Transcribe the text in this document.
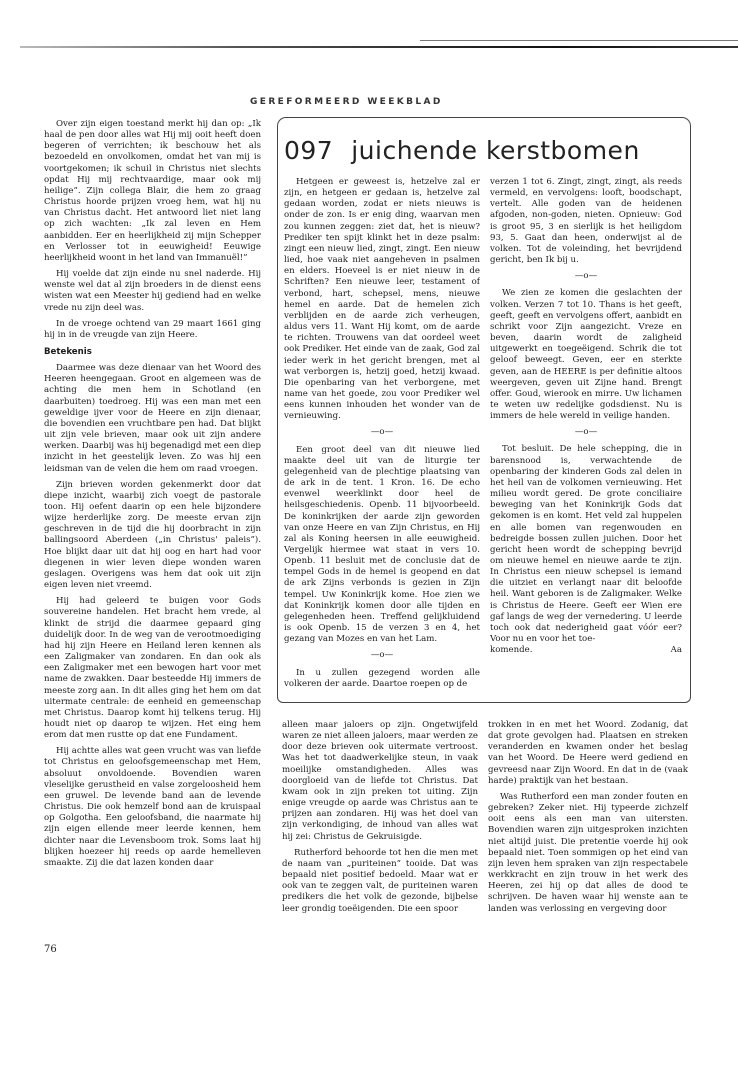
GEREFORMEERD WEEKBLAD

Over zijn eigen toestand merkt hij dan op: „Ik haal de pen door alles wat Hij mij ooit heeft doen begeren of verrichten; ik beschouw het als bezoedeld en onvolkomen, omdat het van mij is voortgekomen; ik schuil in Christus niet slechts opdat Hij mij rechtvaardige, maar ook mij heilige”. Zijn collega Blair, die hem zo graag Christus hoorde prijzen vroeg hem, wat hij nu van Christus dacht. Het antwoord liet niet lang op zich wachten: „Ik zal leven en Hem aanbidden. Eer en heerlijkheid zij mijn Schepper en Verlosser tot in eeuwigheid! Eeuwige heerlijkheid woont in het land van Immanuël!”

Hij voelde dat zijn einde nu snel naderde. Hij wenste wel dat al zijn broeders in de dienst eens wisten wat een Meester hij gediend had en welke vrede nu zijn deel was.

In de vroege ochtend van 29 maart 1661 ging hij in in de vreugde van zijn Heere.

Betekenis

Daarmee was deze dienaar van het Woord des Heeren heengegaan. Groot en algemeen was de achting die men hem in Schotland (en daarbuiten) toedroeg. Hij was een man met een geweldige ijver voor de Heere en zijn dienaar, die bovendien een vruchtbare pen had. Dat blijkt uit zijn vele brieven, maar ook uit zijn andere werken. Daarbij was hij begenadigd met een diep inzicht in het geestelijk leven. Zo was hij een leidsman van de velen die hem om raad vroegen.

Zijn brieven worden gekenmerkt door dat diepe inzicht, waarbij zich voegt de pastorale toon. Hij oefent daarin op een hele bijzondere wijze herderlijke zorg. De meeste ervan zijn geschreven in de tijd die hij doorbracht in zijn ballingsoord Aberdeen („in Christus' paleis”). Hoe blijkt daar uit dat hij oog en hart had voor diegenen in wier leven diepe wonden waren geslagen. Overigens was hem dat ook uit zijn eigen leven niet vreemd.

Hij had geleerd te buigen voor Gods souvereine handelen. Het bracht hem vrede, al klinkt de strijd die daarmee gepaard ging duidelijk door. In de weg van de verootmoediging had hij zijn Heere en Heiland leren kennen als een Zaligmaker van zondaren. En dan ook als een Zaligmaker met een bewogen hart voor met name de zwakken. Daar besteedde Hij immers de meeste zorg aan. In dit alles ging het hem om dat uitermate centrale: de eenheid en gemeenschap met Christus. Daarop komt hij telkens terug. Hij houdt niet op daarop te wijzen. Het eing hem erom dat men rustte op dat ene Fundament.

Hij achtte alles wat geen vrucht was van liefde tot Christus en geloofsgemeenschap met Hem, absoluut onvoldoende. Bovendien waren vleselijke gerustheid en valse zorgeloosheid hem een gruwel. De levende band aan de levende Christus. Die ook hemzelf bond aan de kruispaal op Golgotha. Een geloofsband, die naarmate hij zijn eigen ellende meer leerde kennen, hem dichter naar die Levensboom trok. Soms laat hij blijken hoezeer hij reeds op aarde hemelleven smaakte. Zij die dat lazen konden daar

097 juichende kerstbomen

Hetgeen er geweest is, hetzelve zal er zijn, en hetgeen er gedaan is, hetzelve zal gedaan worden, zodat er niets nieuws is onder de zon. Is er enig ding, waarvan men zou kunnen zeggen: ziet dat, het is nieuw? Prediker ten spijt klinkt het in deze psalm: zingt een nieuw lied, zingt, zingt. Een nieuw lied, hoe vaak niet aangeheven in psalmen en elders. Hoeveel is er niet nieuw in de Schriften? Een nieuwe leer, testament of verbond, hart, schepsel, mens, nieuwe hemel en aarde. Dat de hemelen zich verblijden en de aarde zich verheugen, aldus vers 11. Want Hij komt, om de aarde te richten. Trouwens van dat oordeel weet ook Prediker. Het einde van de zaak, God zal ieder werk in het gericht brengen, met al wat verborgen is, hetzij goed, hetzij kwaad. Die openbaring van het verborgene, met name van het goede, zou voor Prediker wel eens kunnen inhouden het wonder van de vernieuwing.

—o—

Een groot deel van dit nieuwe lied maakte deel uit van de liturgie ter gelegenheid van de plechtige plaatsing van de ark in de tent. 1 Kron. 16. De echo evenwel weerklinkt door heel de heilsgeschiedenis. Openb. 11 bijvoorbeeld. De koninkrijken der aarde zijn geworden van onze Heere en van Zijn Christus, en Hij zal als Koning heersen in alle eeuwigheid. Vergelijk hiermee wat staat in vers 10. Openb. 11 besluit met de conclusie dat de tempel Gods in de hemel is geopend en dat de ark Zijns verbonds is gezien in Zijn tempel. Uw Koninkrijk kome. Hoe zien we dat Koninkrijk komen door alle tijden en gelegenheden heen. Treffend gelijkluidend is ook Openb. 15 de verzen 3 en 4, het gezang van Mozes en van het Lam.

—o—

In u zullen gezegend worden alle volkeren der aarde. Daartoe roepen op de

verzen 1 tot 6. Zingt, zingt, zingt, als reeds vermeld, en vervolgens: looft, boodschapt, vertelt. Alle goden van de heidenen afgoden, non-goden, nieten. Opnieuw: God is groot 95, 3 en sierlijk is het heiligdom 93, 5. Gaat dan heen, onderwijst al de volken. Tot de voleinding, het bevrijdend gericht, ben Ik bij u.

—o—

We zien ze komen die geslachten der volken. Verzen 7 tot 10. Thans is het geeft, geeft, geeft en vervolgens offert, aanbidt en schrikt voor Zijn aangezicht. Vreze en beven, daarin wordt de zaligheid uitgewerkt en toegeëigend. Schrik die tot geloof beweegt. Geven, eer en sterkte geven, aan de HEERE is per definitie altoos weergeven, geven uit Zijne hand. Brengt offer. Goud, wierook en mirre. Uw lichamen te weten uw redelijke godsdienst. Nu is immers de hele wereld in veilige handen.

—o—

Tot besluit. De hele schepping, die in barensnood is, verwachtende de openbaring der kinderen Gods zal delen in het heil van de volkomen vernieuwing. Het milieu wordt gered. De grote conciliaire beweging van het Koninkrijk Gods dat gekomen is en komt. Het veld zal huppelen en alle bomen van regenwouden en bedreigde bossen zullen juichen. Door het gericht heen wordt de schepping bevrijd om nieuwe hemel en nieuwe aarde te zijn. In Christus een nieuw schepsel is iemand die uitziet en verlangt naar dit beloofde heil. Want geboren is de Zaligmaker. Welke is Christus de Heere. Geeft eer Wien ere gaf langs de weg der vernedering. U leerde toch ook dat nederigheid gaat vóór eer? Voor nu en voor het toe-

komende.	Aa

alleen maar jaloers op zijn. Ongetwijfeld waren ze niet alleen jaloers, maar werden ze door deze brieven ook uitermate vertroost. Was het tot daadwerkelijke steun, in vaak moeilijke omstandigheden. Alles was doorgloeid van de liefde tot Christus. Dat kwam ook in zijn preken tot uiting. Zijn enige vreugde op aarde was Christus aan te prijzen aan zondaren. Hij was het doel van zijn verkondiging, de inhoud van alles wat hij zei: Christus de Gekruisigde.

Rutherford behoorde tot hen die men met de naam van „puriteinen” tooide. Dat was bepaald niet positief bedoeld. Maar wat er ook van te zeggen valt, de puriteinen waren predikers die het volk de gezonde, bijbelse leer grondig toeëigenden. Die een spoor

trokken in en met het Woord. Zodanig, dat dat grote gevolgen had. Plaatsen en streken veranderden en kwamen onder het beslag van het Woord. De Heere werd gediend en gevreesd naar Zijn Woord. En dat in de (vaak harde) praktijk van het bestaan.

Was Rutherford een man zonder fouten en gebreken? Zeker niet. Hij typeerde zichzelf ooit eens als een man van uitersten. Bovendien waren zijn uitgesproken inzichten niet altijd juist. Die pretentie voerde hij ook bepaald niet. Toen sommigen op het eind van zijn leven hem spraken van zijn respectabele werkkracht en zijn trouw in het werk des Heeren, zei hij op dat alles de dood te schrijven. De haven waar hij wenste aan te landen was verlossing en vergeving door

76
